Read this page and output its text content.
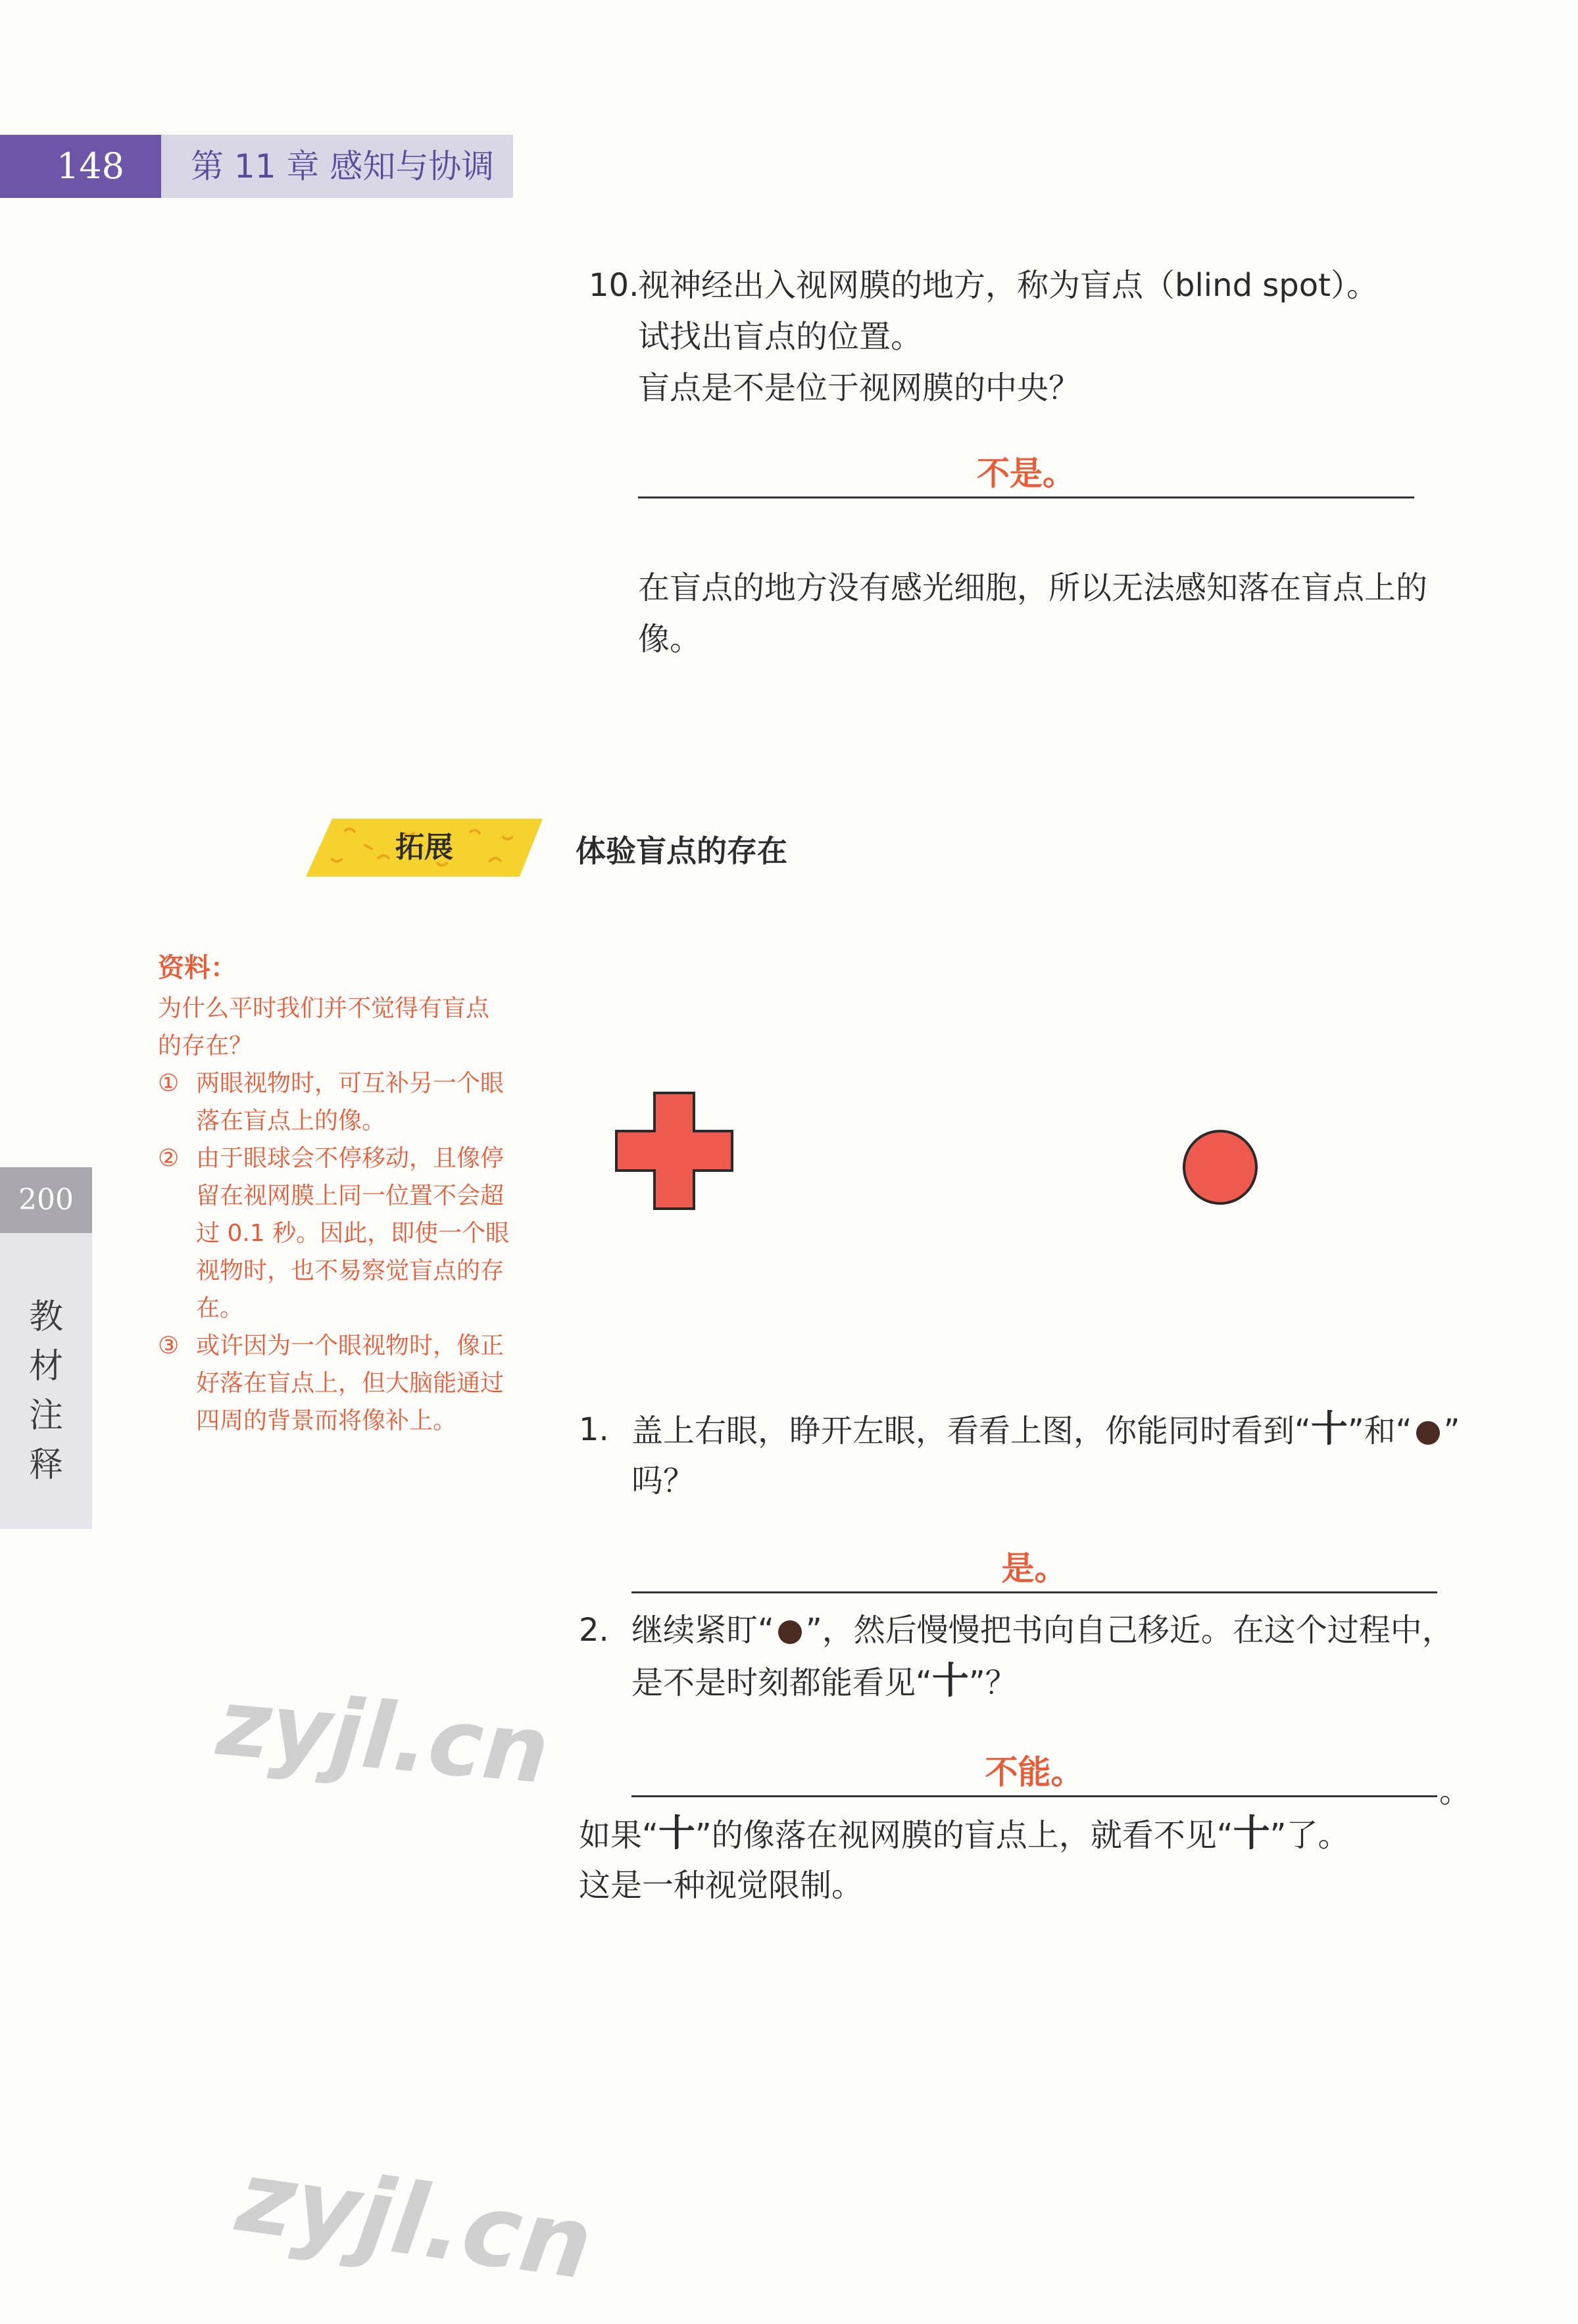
148	第 11 章 感知与协调
200
教
材
注
释
10.
视神经出入视网膜的地方，称为盲点（blind spot）。
试找出盲点的位置。
盲点是不是位于视网膜的中央？
不是。
在盲点的地方没有感光细胞，所以无法感知落在盲点上的
像。
拓展	体验盲点的存在
资料：
为什么平时我们并不觉得有盲点
的存在？
① 两眼视物时，可互补另一个眼
落在盲点上的像。
② 由于眼球会不停移动，且像停
留在视网膜上同一位置不会超
过 0.1 秒。因此，即使一个眼
视物时，也不易察觉盲点的存
在。
③ 或许因为一个眼视物时，像正
好落在盲点上，但大脑能通过
四周的背景而将像补上。	1. 盖上右眼，睁开左眼，看看上图，你能同时看到“十”和“ ”
吗？
是。
2. 继续紧盯“ ”，然后慢慢把书向自己移近。在这个过程中，
是不是时刻都能看见“十”？
不能。	。
如果“十”的像落在视网膜的盲点上，就看不见“十”了。
这是一种视觉限制。
zyjl.cn
zyjl.cn
